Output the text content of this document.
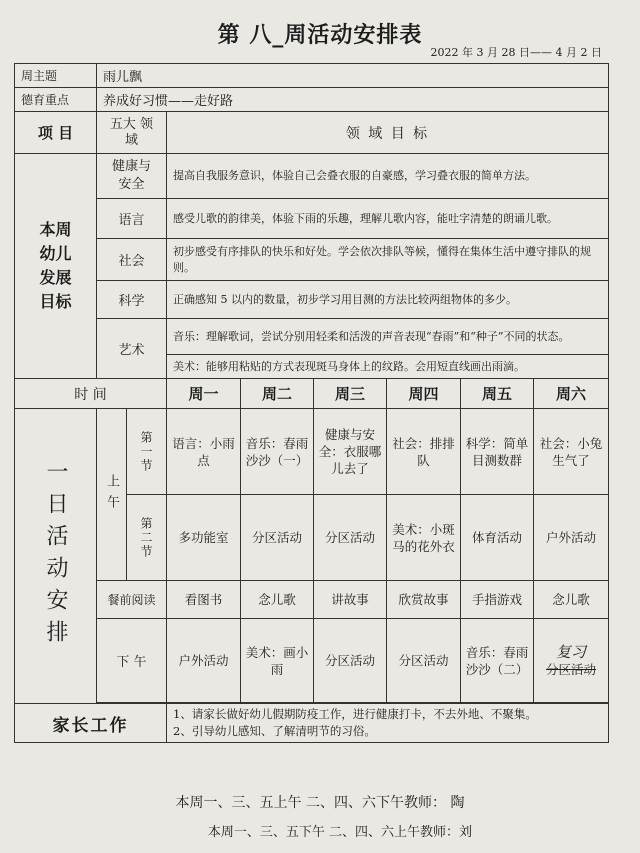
第 八_周活动安排表
2022 年 3 月 28 日—— 4 月 2 日
周主题	雨儿飘							
德育重点	养成好习惯——走好路							
项 目	五大 领 域		领 域 目 标					

本周幼儿发展目标	健康与安全		提高自我服务意识，体验自己会叠衣服的自豪感，学习叠衣服的简单方法。					
	语言		感受儿歌的韵律美，体验下雨的乐趣，理解儿歌内容，能吐字清楚的朗诵儿歌。					
	社会		初步感受有序排队的快乐和好处。学会依次排队等候，懂得在集体生活中遵守排队的规则。					
	科学		正确感知 5 以内的数量，初步学习用目测的方法比较两组物体的多少。					
	艺术		音乐：理解歌词，尝试分别用轻柔和活泼的声音表现“春雨”和“种子”不同的状态。					
			美术：能够用粘贴的方式表现斑马身体上的纹路。会用短直线画出雨滴。					
时 间			周一	周二	周三	周四	周五	周六

一日活动安排	上午	第一节	语言：小雨点	音乐：春雨沙沙（一）	健康与安全：衣服哪儿去了	社会：排排队	科学：简单目测数群	社会：小兔生气了

		第二节	多功能室	分区活动	分区活动	美术：小斑马的花外衣	体育活动	户外活动
	餐前阅读		看图书	念儿歌	讲故事	欣赏故事	手指游戏	念儿歌
	下 午		户外活动	美术：画小雨	分区活动	分区活动	音乐：春雨沙沙（二）	复习
分区活动

家长工作			1、请家长做好幼儿假期防疫工作，进行健康打卡，不去外地、不聚集。
2、引导幼儿感知、了解清明节的习俗。					
本周一、三、五上午 二、四、六下午教师： 陶
本周一、三、五下午 二、四、六上午教师：刘
